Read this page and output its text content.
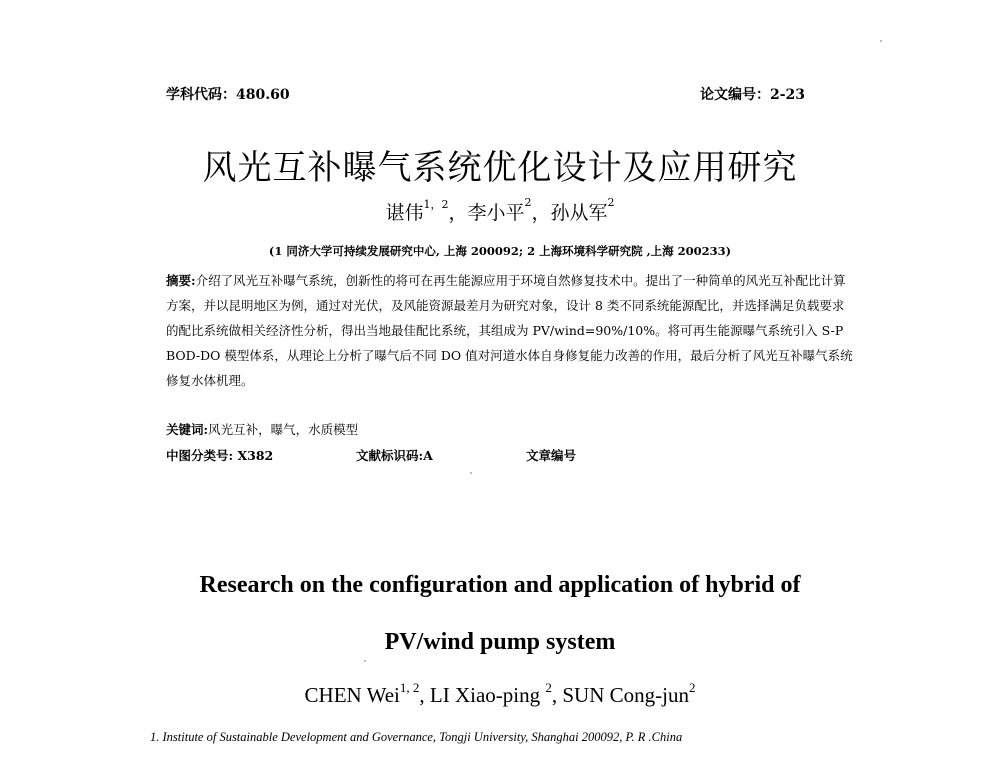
学科代码：480.60	论文编号：2-23
风光互补曝气系统优化设计及应用研究
谌伟$^{1,2}$，李小平$^2$，孙从军$^2$
(1 同济大学可持续发展研究中心, 上海 200092; 2 上海环境科学研究院 ,上海 200233)
摘要:介绍了风光互补曝气系统，创新性的将可在再生能源应用于环境自然修复技术中。提出了一种简单的风光互补配比计算方案，并以昆明地区为例，通过对光伏，及风能资源最差月为研究对象，设计 8 类不同系统能源配比，并选择满足负载要求的配比系统做相关经济性分析，得出当地最佳配比系统，其组成为 PV/wind=90%/10%。将可再生能源曝气系统引入 S-P BOD-DO 模型体系，从理论上分析了曝气后不同 DO 值对河道水体自身修复能力改善的作用，最后分析了风光互补曝气系统修复水体机理。
关键词:风光互补，曝气，水质模型
中图分类号: X382	文献标识码:A	文章编号
Research on the configuration and application of hybrid of
PV/wind pump system
CHEN Wei$^{1, 2}$, LI Xiao-ping $^2$, SUN Cong-jun$^2$
1. Institute of Sustainable Development and Governance, Tongji University, Shanghai 200092, P. R .China
